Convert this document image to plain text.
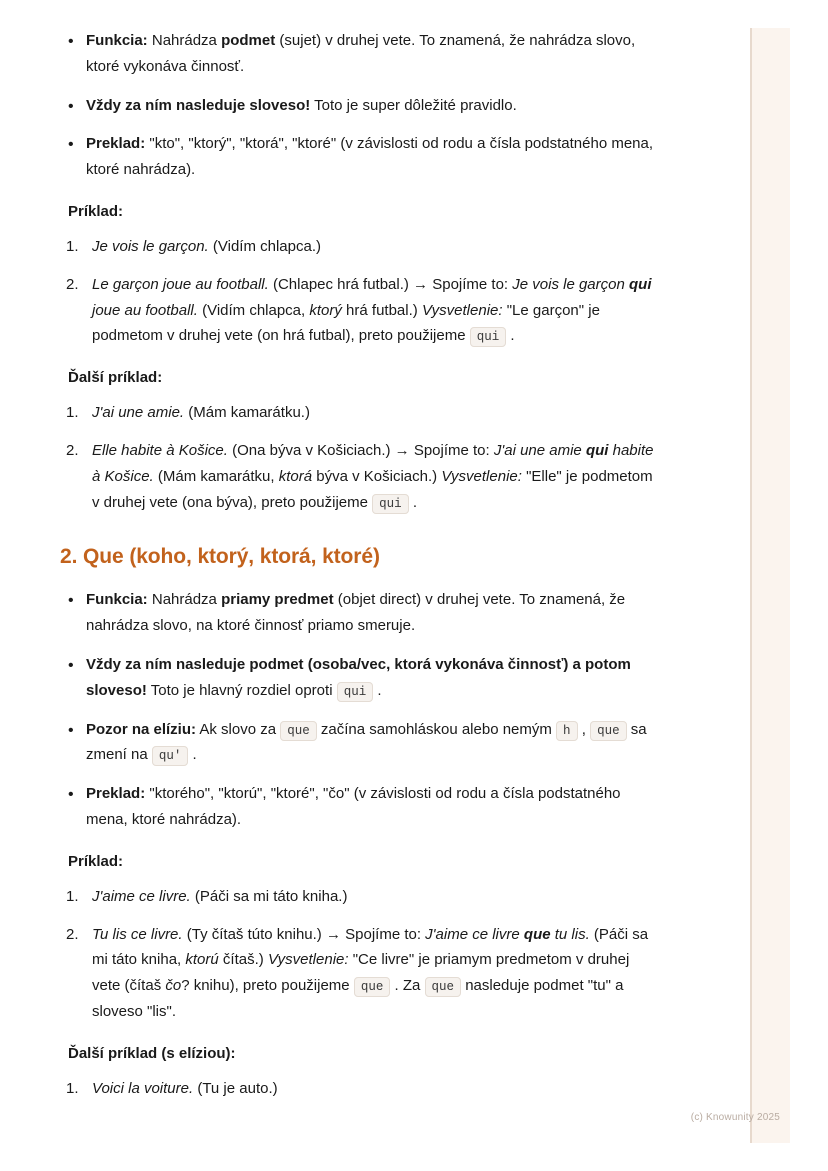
(c) Knowunity 2025
• Funkcia: Nahrádza podmet (sujet) v druhej vete. To znamená, že nahrádza slovo, ktoré vykonáva činnosť.
• Vždy za ním nasleduje sloveso! Toto je super dôležité pravidlo.
• Preklad: "kto", "ktorý", "ktorá", "ktoré" (v závislosti od rodu a čísla podstatného mena, ktoré nahrádza).
Príklad:
Je vois le garçon. (Vidím chlapca.)
Le garçon joue au football. (Chlapec hrá futbal.) → Spojíme to: Je vois le garçon qui joue au football. (Vidím chlapca, ktorý hrá futbal.) Vysvetlenie: "Le garçon" je podmetom v druhej vete (on hrá futbal), preto použijeme qui .
Ďalší príklad:
J'ai une amie. (Mám kamarátku.)
Elle habite à Košice. (Ona býva v Košiciach.) → Spojíme to: J'ai une amie qui habite à Košice. (Mám kamarátku, ktorá býva v Košiciach.) Vysvetlenie: "Elle" je podmetom v druhej vete (ona býva), preto použijeme qui .
2. Que (koho, ktorý, ktorá, ktoré)
• Funkcia: Nahrádza priamy predmet (objet direct) v druhej vete. To znamená, že nahrádza slovo, na ktoré činnosť priamo smeruje.
• Vždy za ním nasleduje podmet (osoba/vec, ktorá vykonáva činnosť) a potom sloveso! Toto je hlavný rozdiel oproti qui .
• Pozor na elíziu: Ak slovo za que začína samohláskou alebo nemým h , que sa zmení na qu' .
• Preklad: "ktorého", "ktorú", "ktoré", "čo" (v závislosti od rodu a čísla podstatného mena, ktoré nahrádza).
Príklad:
J'aime ce livre. (Páči sa mi táto kniha.)
Tu lis ce livre. (Ty čítaš túto knihu.) → Spojíme to: J'aime ce livre que tu lis. (Páči sa mi táto kniha, ktorú čítaš.) Vysvetlenie: "Ce livre" je priamym predmetom v druhej vete (čítaš čo? knihu), preto použijeme que . Za que nasleduje podmet "tu" a sloveso "lis".
Ďalší príklad (s elíziou):
Voici la voiture. (Tu je auto.)
